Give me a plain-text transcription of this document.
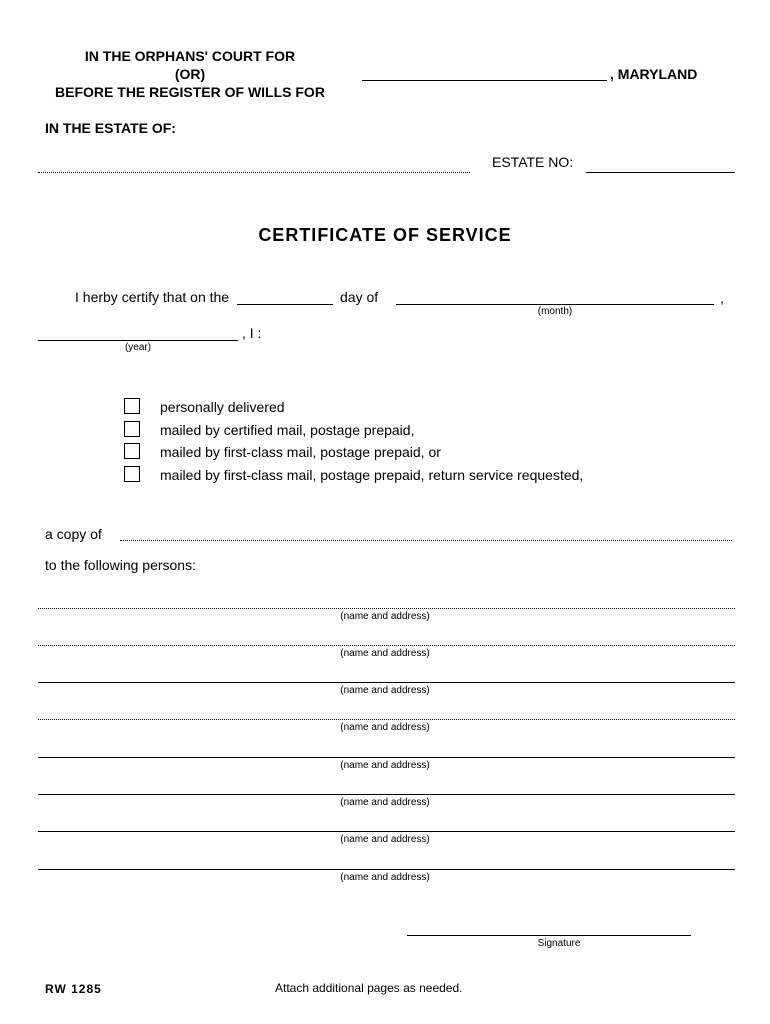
IN THE ORPHANS' COURT FOR
(OR)
BEFORE THE REGISTER OF WILLS FOR
, MARYLAND
IN THE ESTATE OF:
ESTATE NO:
CERTIFICATE OF SERVICE
I herby certify that on the	day of	,
(month)
, I :
(year)
personally delivered
mailed by certified mail, postage prepaid,
mailed by first-class mail, postage prepaid, or
mailed by first-class mail, postage prepaid, return service requested,
a copy of
to the following persons:
(name and address)
(name and address)
(name and address)
(name and address)
(name and address)
(name and address)
(name and address)
(name and address)
Signature
RW 1285	Attach additional pages as needed.
